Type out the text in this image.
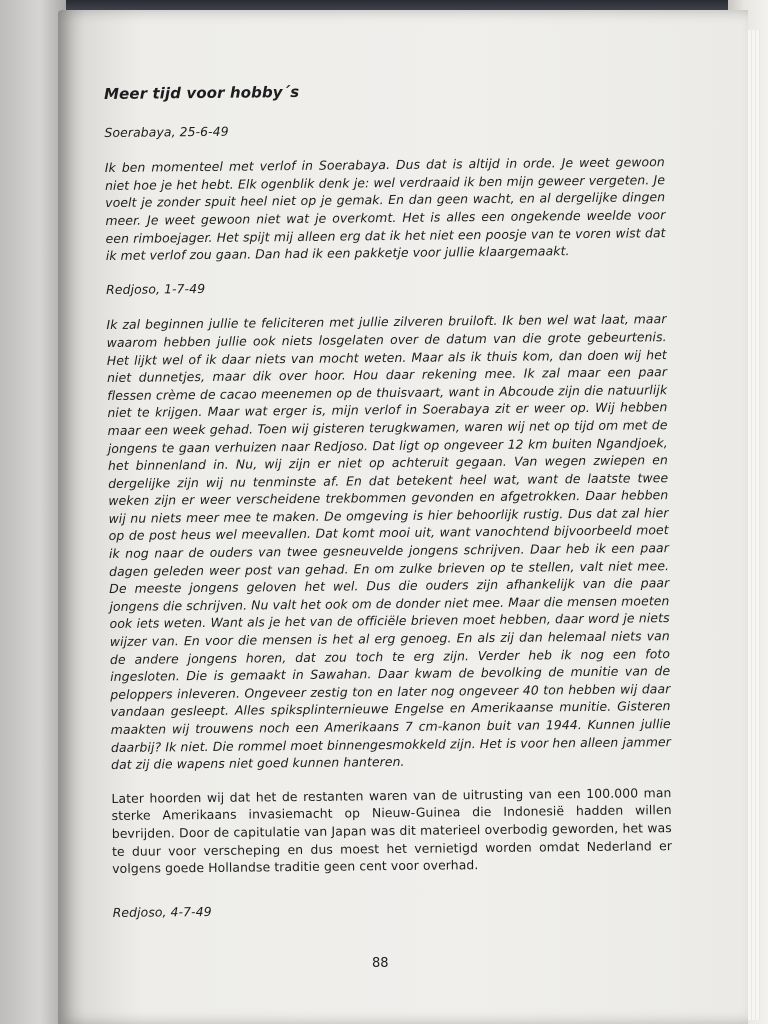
Meer tijd voor hobby´s
Soerabaya, 25-6-49

Ik ben momenteel met verlof in Soerabaya. Dus dat is altijd in orde. Je weet gewoon niet hoe je het hebt. Elk ogenblik denk je: wel verdraaid ik ben mijn geweer vergeten. Je voelt je zonder spuit heel niet op je gemak. En dan geen wacht, en al dergelijke dingen meer. Je weet gewoon niet wat je overkomt. Het is alles een ongekende weelde voor een rimboejager. Het spijt mij alleen erg dat ik het niet een poosje van te voren wist dat ik met verlof zou gaan. Dan had ik een pakketje voor jullie klaargemaakt.

Redjoso, 1-7-49

Ik zal beginnen jullie te feliciteren met jullie zilveren bruiloft. Ik ben wel wat laat, maar waarom hebben jullie ook niets losgelaten over de datum van die grote gebeurtenis. Het lijkt wel of ik daar niets van mocht weten. Maar als ik thuis kom, dan doen wij het niet dunnetjes, maar dik over hoor. Hou daar rekening mee. Ik zal maar een paar flessen crème de cacao meenemen op de thuisvaart, want in Abcoude zijn die natuurlijk niet te krijgen. Maar wat erger is, mijn verlof in Soerabaya zit er weer op. Wij hebben maar een week gehad. Toen wij gisteren terugkwamen, waren wij net op tijd om met de jongens te gaan verhuizen naar Redjoso. Dat ligt op ongeveer 12 km buiten Ngandjoek, het binnenland in. Nu, wij zijn er niet op achteruit gegaan. Van wegen zwiepen en dergelijke zijn wij nu tenminste af. En dat betekent heel wat, want de laatste twee weken zijn er weer verscheidene trekbommen gevonden en afgetrokken. Daar hebben wij nu niets meer mee te maken. De omgeving is hier behoorlijk rustig. Dus dat zal hier op de post heus wel meevallen. Dat komt mooi uit, want vanochtend bijvoorbeeld moet ik nog naar de ouders van twee gesneuvelde jongens schrijven. Daar heb ik een paar dagen geleden weer post van gehad. En om zulke brieven op te stellen, valt niet mee. De meeste jongens geloven het wel. Dus die ouders zijn afhankelijk van die paar jongens die schrijven. Nu valt het ook om de donder niet mee. Maar die mensen moeten ook iets weten. Want als je het van de officiële brieven moet hebben, daar word je niets wijzer van. En voor die mensen is het al erg genoeg. En als zij dan helemaal niets van de andere jongens horen, dat zou toch te erg zijn. Verder heb ik nog een foto ingesloten. Die is gemaakt in Sawahan. Daar kwam de bevolking de munitie van de peloppers inleveren. Ongeveer zestig ton en later nog ongeveer 40 ton hebben wij daar vandaan gesleept. Alles spiksplinternieuwe Engelse en Amerikaanse munitie. Gisteren maakten wij trouwens noch een Amerikaans 7 cm-kanon buit van 1944. Kunnen jullie daarbij? Ik niet. Die rommel moet binnengesmokkeld zijn. Het is voor hen alleen jammer dat zij die wapens niet goed kunnen hanteren.

Later hoorden wij dat het de restanten waren van de uitrusting van een 100.000 man sterke Amerikaans invasiemacht op Nieuw-Guinea die Indonesië hadden willen bevrijden. Door de capitulatie van Japan was dit materieel overbodig geworden, het was te duur voor verscheping en dus moest het vernietigd worden omdat Nederland er volgens goede Hollandse traditie geen cent voor overhad.

Redjoso, 4-7-49
88
